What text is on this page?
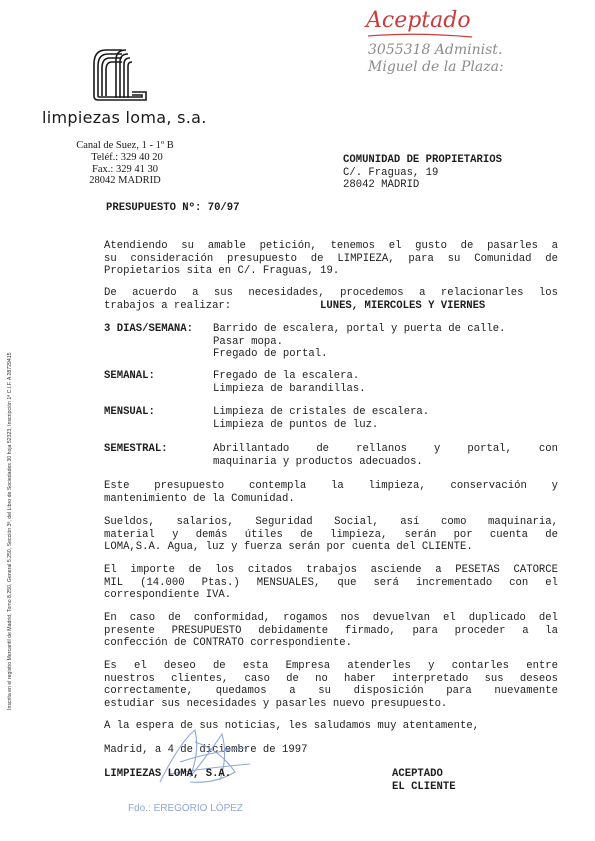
limpiezas loma, s.a.
Canal de Suez, 1 - 1º B
Teléf.: 329 40 20
Fax.: 329 41 30
28042 MADRID
Aceptado
3055318 Administ.
Miguel de la Plaza:
COMUNIDAD DE PROPIETARIOS
C/. Fraguas, 19
28042 MADRID
PRESUPUESTO Nº: 70/97
Atendiendo su amable petición, tenemos el gusto de pasarles a
su consideración presupuesto de LIMPIEZA, para su Comunidad de
Propietarios sita en C/. Fraguas, 19.
De acuerdo a sus necesidades, procedemos a relacionarles los
trabajos a realizar:	LUNES, MIERCOLES Y VIERNES
3 DIAS/SEMANA: Barrido de escalera, portal y puerta de calle.
Pasar mopa.
Fregado de portal.
SEMANAL:	Fregado de la escalera.
Limpieza de barandillas.
MENSUAL:	Limpieza de cristales de escalera.
Limpieza de puntos de luz.
SEMESTRAL:	Abrillantado de rellanos y portal, con
maquinaria y productos adecuados.
Este presupuesto contempla la limpieza, conservación y
mantenimiento de la Comunidad.
Sueldos, salarios, Seguridad Social, así como maquinaria,
material y demás útiles de limpieza, serán por cuenta de
LOMA,S.A. Agua, luz y fuerza serán por cuenta del CLIENTE.
El importe de los citados trabajos asciende a PESETAS CATORCE
MIL (14.000 Ptas.) MENSUALES, que será incrementado con el
correspondiente IVA.
En caso de conformidad, rogamos nos devuelvan el duplicado del
presente PRESUPUESTO debidamente firmado, para proceder a la
confección de CONTRATO correspondiente.
Es el deseo de esta Empresa atenderles y contarles entre
nuestros clientes, caso de no haber interpretado sus deseos
correctamente, quedamos a su disposición para nuevamente
estudiar sus necesidades y pasarles nuevo presupuesto.
A la espera de sus noticias, les saludamos muy atentamente,
Madrid, a 4 de diciembre de 1997
LIMPIEZAS LOMA, S.A.	ACEPTADO
EL CLIENTE
Fdo.: EREGORIO LÓPEZ
Inscrita en el registro Mercantil de Madrid, Tomo 8.250, General 5.250, Sección 3ª, del Libro de Sociedades 30 hoja 52323, Inscripción 1ª C.I.F. A 28729415
